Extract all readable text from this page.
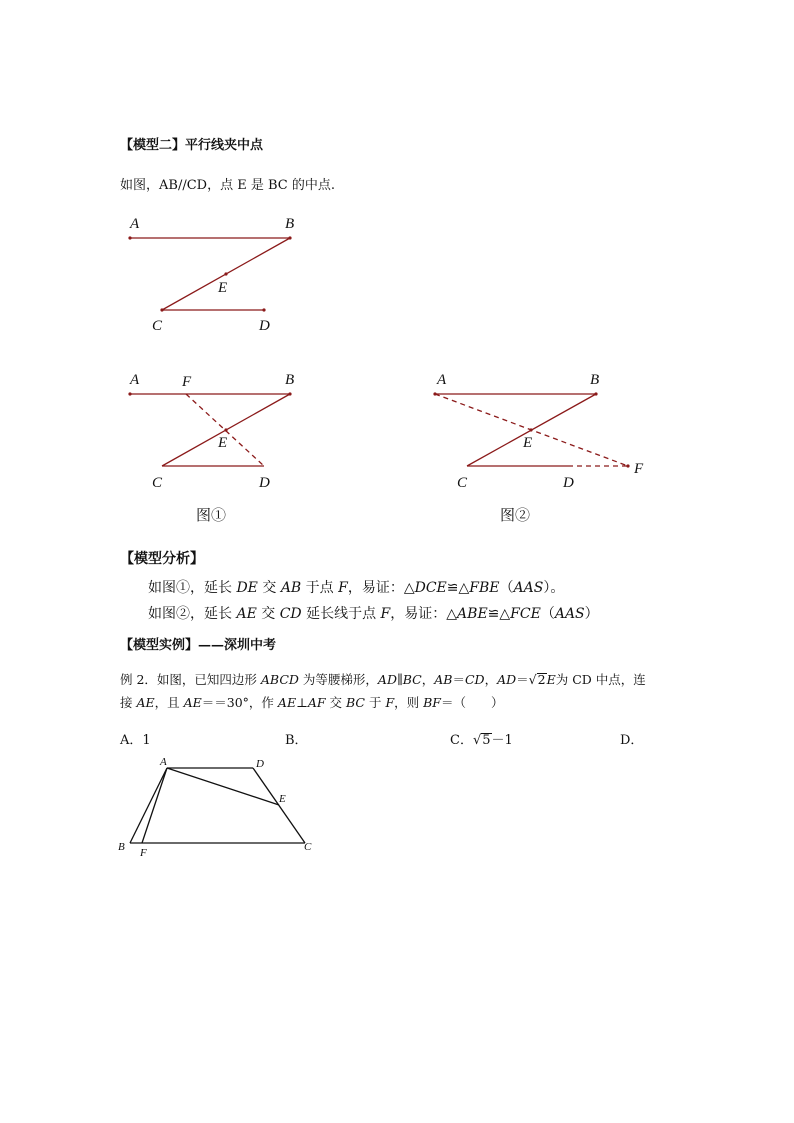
【模型二】平行线夹中点

如图，AB//CD，点 E 是 BC 的中点.

A	B
E
C	D
A	F	B
E
C	D
A	B
E
F
C	D
A	D
E
B F	C

图①	图②

【模型分析】

如图①，延长 DE 交 AB 于点 F，易证：△DCE≌△FBE（AAS）。

如图②，延长 AE 交 CD 延长线于点 F，易证：△ABE≌△FCE（AAS）

【模型实例】——深圳中考

例 2．如图，已知四边形 ABCD 为等腰梯形，AD∥BC，AB＝CD，AD＝√2E为 CD 中点，连

接 AE，且 AE＝＝30°，作 AE⊥AF 交 BC 于 F，则 BF＝（　　）

A．1	B．	C．√5－1	D．
